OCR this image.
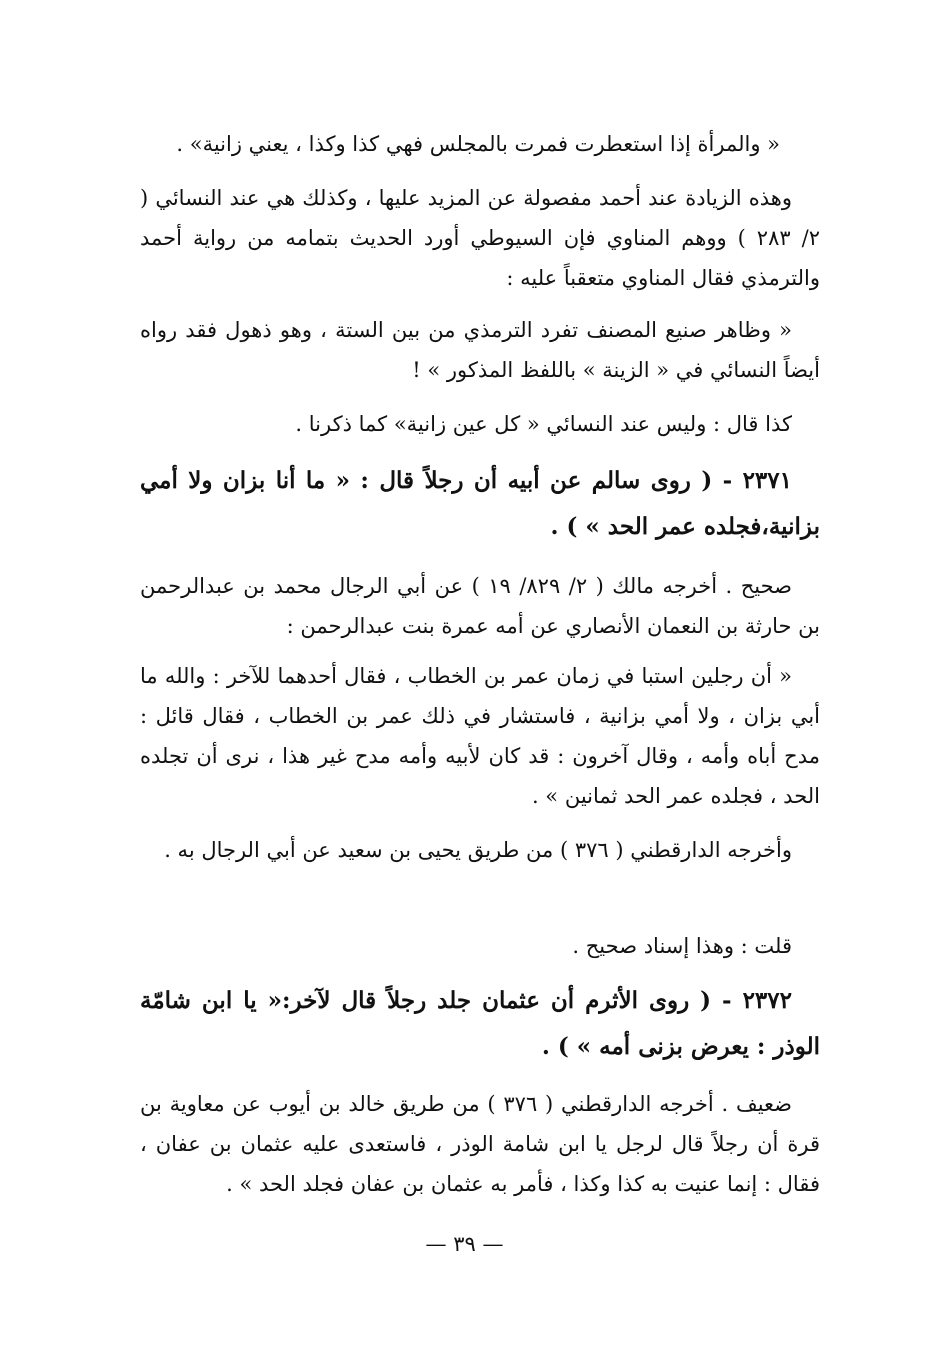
« والمرأة إذا استعطرت فمرت بالمجلس فهي كذا وكذا ، يعني زانية» .

وهذه الزيادة عند أحمد مفصولة عن المزيد عليها ، وكذلك هي عند النسائي ( ٢/ ٢٨٣ ) ووهم المناوي فإن السيوطي أورد الحديث بتمامه من رواية أحمد والترمذي فقال المناوي متعقباً عليه :

« وظاهر صنيع المصنف تفرد الترمذي من بين الستة ، وهو ذهول فقد رواه أيضاً النسائي في « الزينة » باللفظ المذكور » !

كذا قال : وليس عند النسائي « كل عين زانية» كما ذكرنا .

٢٣٧١ - ( روى سالم عن أبيه أن رجلاً قال : « ما أنا بزان ولا أمي بزانية،فجلده عمر الحد » ) .

صحيح . أخرجه مالك ( ٢/ ٨٢٩/ ١٩ ) عن أبي الرجال محمد بن عبدالرحمن بن حارثة بن النعمان الأنصاري عن أمه عمرة بنت عبدالرحمن :

« أن رجلين استبا في زمان عمر بن الخطاب ، فقال أحدهما للآخر : والله ما أبي بزان ، ولا أمي بزانية ، فاستشار في ذلك عمر بن الخطاب ، فقال قائل : مدح أباه وأمه ، وقال آخرون : قد كان لأبيه وأمه مدح غير هذا ، نرى أن تجلده الحد ، فجلده عمر الحد ثمانين » .

وأخرجه الدارقطني ( ٣٧٦ ) من طريق يحيى بن سعيد عن أبي الرجال به .

قلت : وهذا إسناد صحيح .

٢٣٧٢ - ( روى الأثرم أن عثمان جلد رجلاً قال لآخر:« يا ابن شامّة الوذر : يعرض بزنى أمه » ) .

ضعيف . أخرجه الدارقطني ( ٣٧٦ ) من طريق خالد بن أيوب عن معاوية بن قرة أن رجلاً قال لرجل يا ابن شامة الوذر ، فاستعدى عليه عثمان بن عفان ، فقال : إنما عنيت به كذا وكذا ، فأمر به عثمان بن عفان فجلد الحد » .

— ٣٩ —
